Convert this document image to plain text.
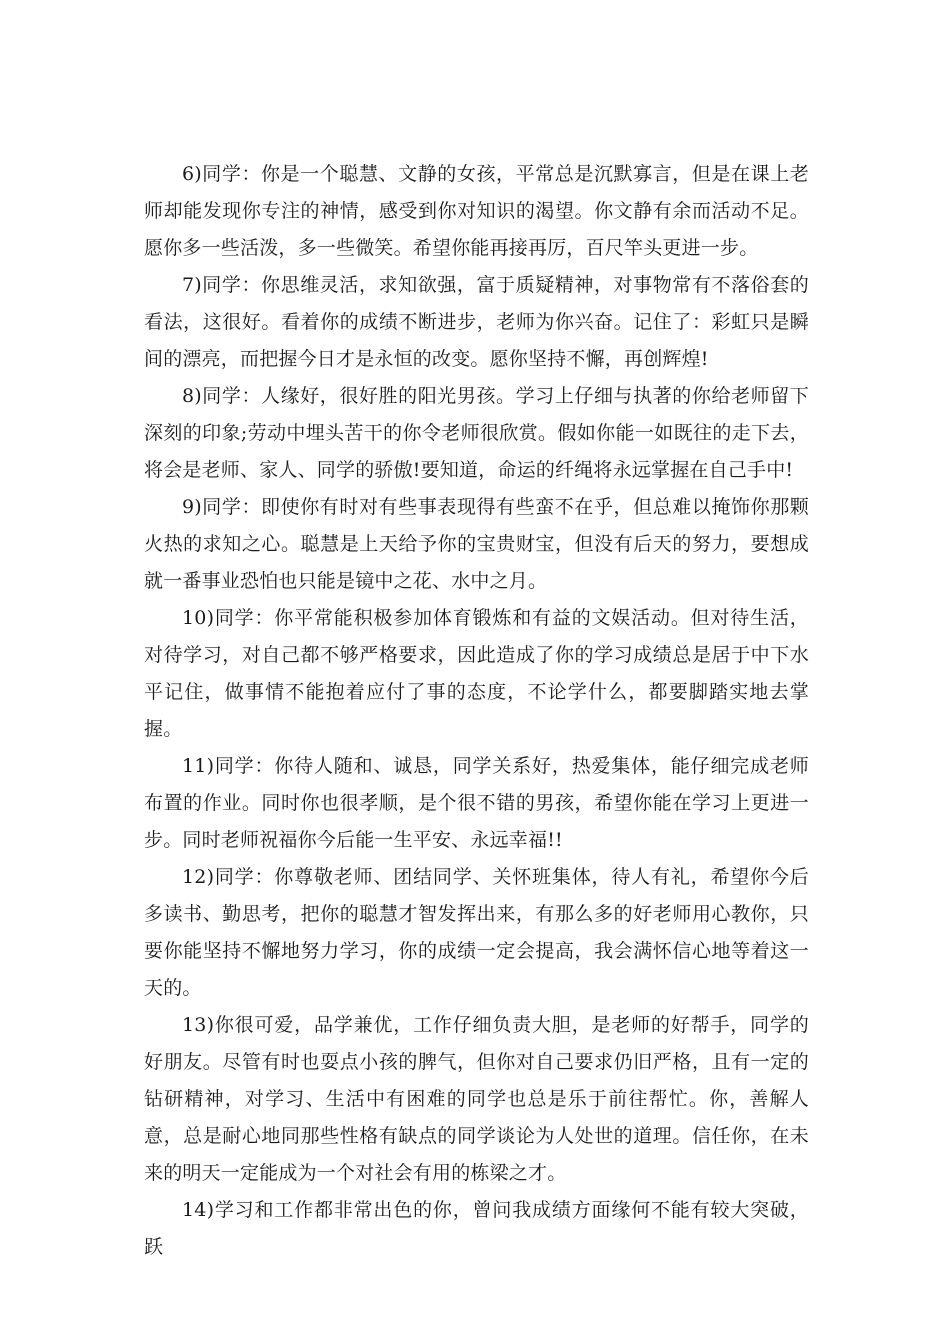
6)同学：你是一个聪慧、文静的女孩，平常总是沉默寡言，但是在课上老师却能发现你专注的神情，感受到你对知识的渴望。你文静有余而活动不足。愿你多一些活泼，多一些微笑。希望你能再接再厉，百尺竿头更进一步。

7)同学：你思维灵活，求知欲强，富于质疑精神，对事物常有不落俗套的看法，这很好。看着你的成绩不断进步，老师为你兴奋。记住了：彩虹只是瞬间的漂亮，而把握今日才是永恒的改变。愿你坚持不懈，再创辉煌!

8)同学：人缘好，很好胜的阳光男孩。学习上仔细与执著的你给老师留下深刻的印象;劳动中埋头苦干的你令老师很欣赏。假如你能一如既往的走下去，将会是老师、家人、同学的骄傲!要知道，命运的纤绳将永远掌握在自己手中!

9)同学：即使你有时对有些事表现得有些蛮不在乎，但总难以掩饰你那颗火热的求知之心。聪慧是上天给予你的宝贵财宝，但没有后天的努力，要想成就一番事业恐怕也只能是镜中之花、水中之月。

10)同学：你平常能积极参加体育锻炼和有益的文娱活动。但对待生活，对待学习，对自己都不够严格要求，因此造成了你的学习成绩总是居于中下水平记住，做事情不能抱着应付了事的态度，不论学什么，都要脚踏实地去掌握。

11)同学：你待人随和、诚恳，同学关系好，热爱集体，能仔细完成老师布置的作业。同时你也很孝顺，是个很不错的男孩，希望你能在学习上更进一步。同时老师祝福你今后能一生平安、永远幸福!!

12)同学：你尊敬老师、团结同学、关怀班集体，待人有礼，希望你今后多读书、勤思考，把你的聪慧才智发挥出来，有那么多的好老师用心教你，只要你能坚持不懈地努力学习，你的成绩一定会提高，我会满怀信心地等着这一天的。

13)你很可爱，品学兼优，工作仔细负责大胆，是老师的好帮手，同学的好朋友。尽管有时也耍点小孩的脾气，但你对自己要求仍旧严格，且有一定的钻研精神，对学习、生活中有困难的同学也总是乐于前往帮忙。你，善解人意，总是耐心地同那些性格有缺点的同学谈论为人处世的道理。信任你，在未来的明天一定能成为一个对社会有用的栋梁之才。

14)学习和工作都非常出色的你，曾问我成绩方面缘何不能有较大突破，跃
